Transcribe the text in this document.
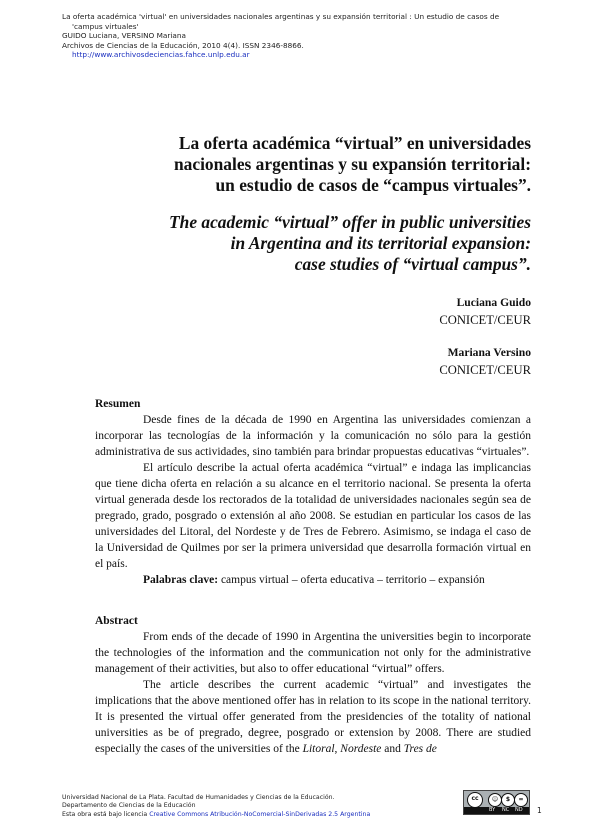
La oferta académica 'virtual' en universidades nacionales argentinas y su expansión territorial : Un estudio de casos de
'campus virtuales'
GUIDO Luciana, VERSINO Mariana
Archivos de Ciencias de la Educación, 2010 4(4). ISSN 2346-8866.
http://www.archivosdeciencias.fahce.unlp.edu.ar
La oferta académica “virtual” en universidades
nacionales argentinas y su expansión territorial:
un estudio de casos de “campus virtuales”.
The academic “virtual” offer in public universities
in Argentina and its territorial expansion:
case studies of “virtual campus”.
Luciana Guido
CONICET/CEUR
Mariana Versino
CONICET/CEUR
Resumen

Desde fines de la década de 1990 en Argentina las universidades comienzan a incorporar las tecnologías de la información y la comunicación no sólo para la gestión administrativa de sus actividades, sino también para brindar propuestas educativas “virtuales”.

El artículo describe la actual oferta académica “virtual” e indaga las implicancias que tiene dicha oferta en relación a su alcance en el territorio nacional. Se presenta la oferta virtual generada desde los rectorados de la totalidad de universidades nacionales según sea de pregrado, grado, posgrado o extensión al año 2008. Se estudian en particular los casos de las universidades del Litoral, del Nordeste y de Tres de Febrero. Asimismo, se indaga el caso de la Universidad de Quilmes por ser la primera universidad que desarrolla formación virtual en el país.

Palabras clave: campus virtual – oferta educativa – territorio – expansión

Abstract

From ends of the decade of 1990 in Argentina the universities begin to incorporate the technologies of the information and the communication not only for the administrative management of their activities, but also to offer educational “virtual” offers.

The article describes the current academic “virtual” and investigates the implications that the above mentioned offer has in relation to its scope in the national territory. It is presented the virtual offer generated from the presidencies of the totality of national universities as be of pregrado, degree, posgrado or extension by 2008. There are studied especially the cases of the universities of the Litoral, Nordeste and Tres de

Universidad Nacional de La Plata. Facultad de Humanidades y Ciencias de la Educación.
Departamento de Ciencias de la Educación
Esta obra está bajo licencia Creative Commons Atribución-NoComercial-SinDerivadas 2.5 Argentina
cc	☺	$	=
BY NC ND 1
